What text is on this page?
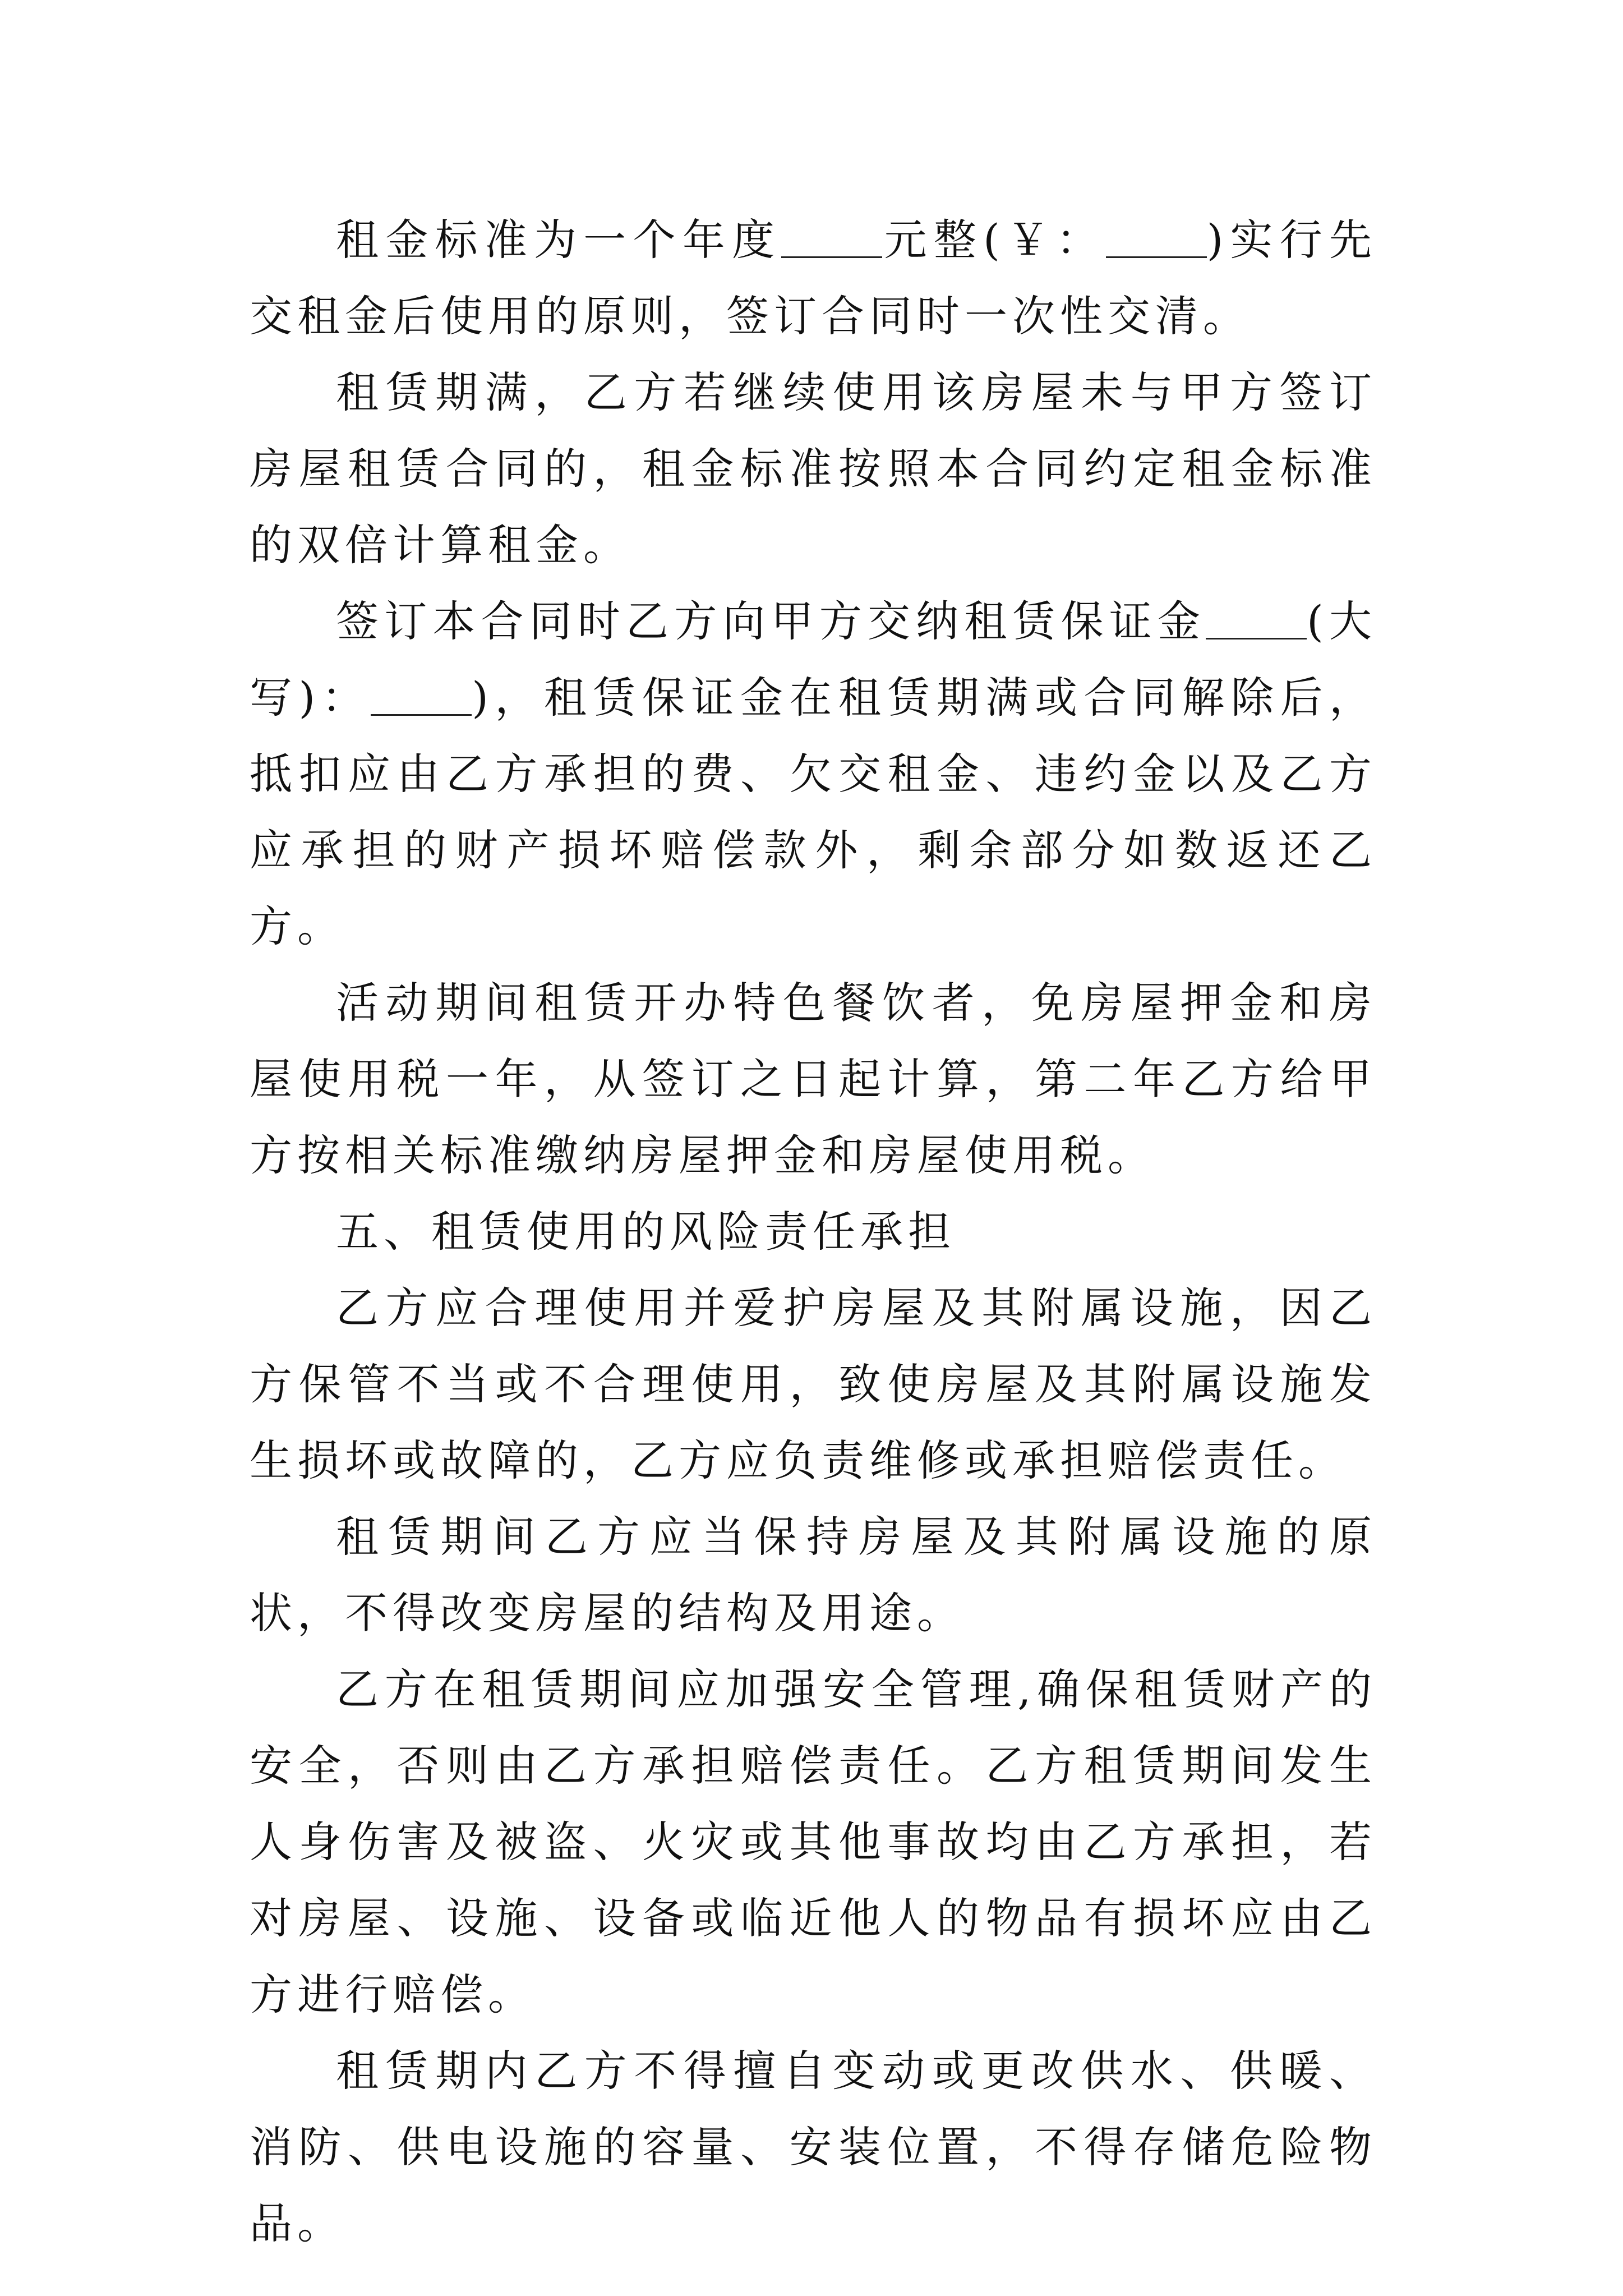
租金标准为一个年度 元整(￥： )实行先交租金后使用的原则，签订合同时一次性交清。

租赁期满，乙方若继续使用该房屋未与甲方签订房屋租赁合同的，租金标准按照本合同约定租金标准的双倍计算租金。

签订本合同时乙方向甲方交纳租赁保证金 (大写)： )，租赁保证金在租赁期满或合同解除后，抵扣应由乙方承担的费、欠交租金、违约金以及乙方应承担的财产损坏赔偿款外，剩余部分如数返还乙方。

活动期间租赁开办特色餐饮者，免房屋押金和房屋使用税一年，从签订之日起计算，第二年乙方给甲方按相关标准缴纳房屋押金和房屋使用税。

五、租赁使用的风险责任承担

乙方应合理使用并爱护房屋及其附属设施，因乙方保管不当或不合理使用，致使房屋及其附属设施发生损坏或故障的，乙方应负责维修或承担赔偿责任。

租赁期间乙方应当保持房屋及其附属设施的原状，不得改变房屋的结构及用途。

乙方在租赁期间应加强安全管理,确保租赁财产的安全，否则由乙方承担赔偿责任。乙方租赁期间发生人身伤害及被盗、火灾或其他事故均由乙方承担，若对房屋、设施、设备或临近他人的物品有损坏应由乙方进行赔偿。

租赁期内乙方不得擅自变动或更改供水、供暖、消防、供电设施的容量、安装位置，不得存储危险物品。
